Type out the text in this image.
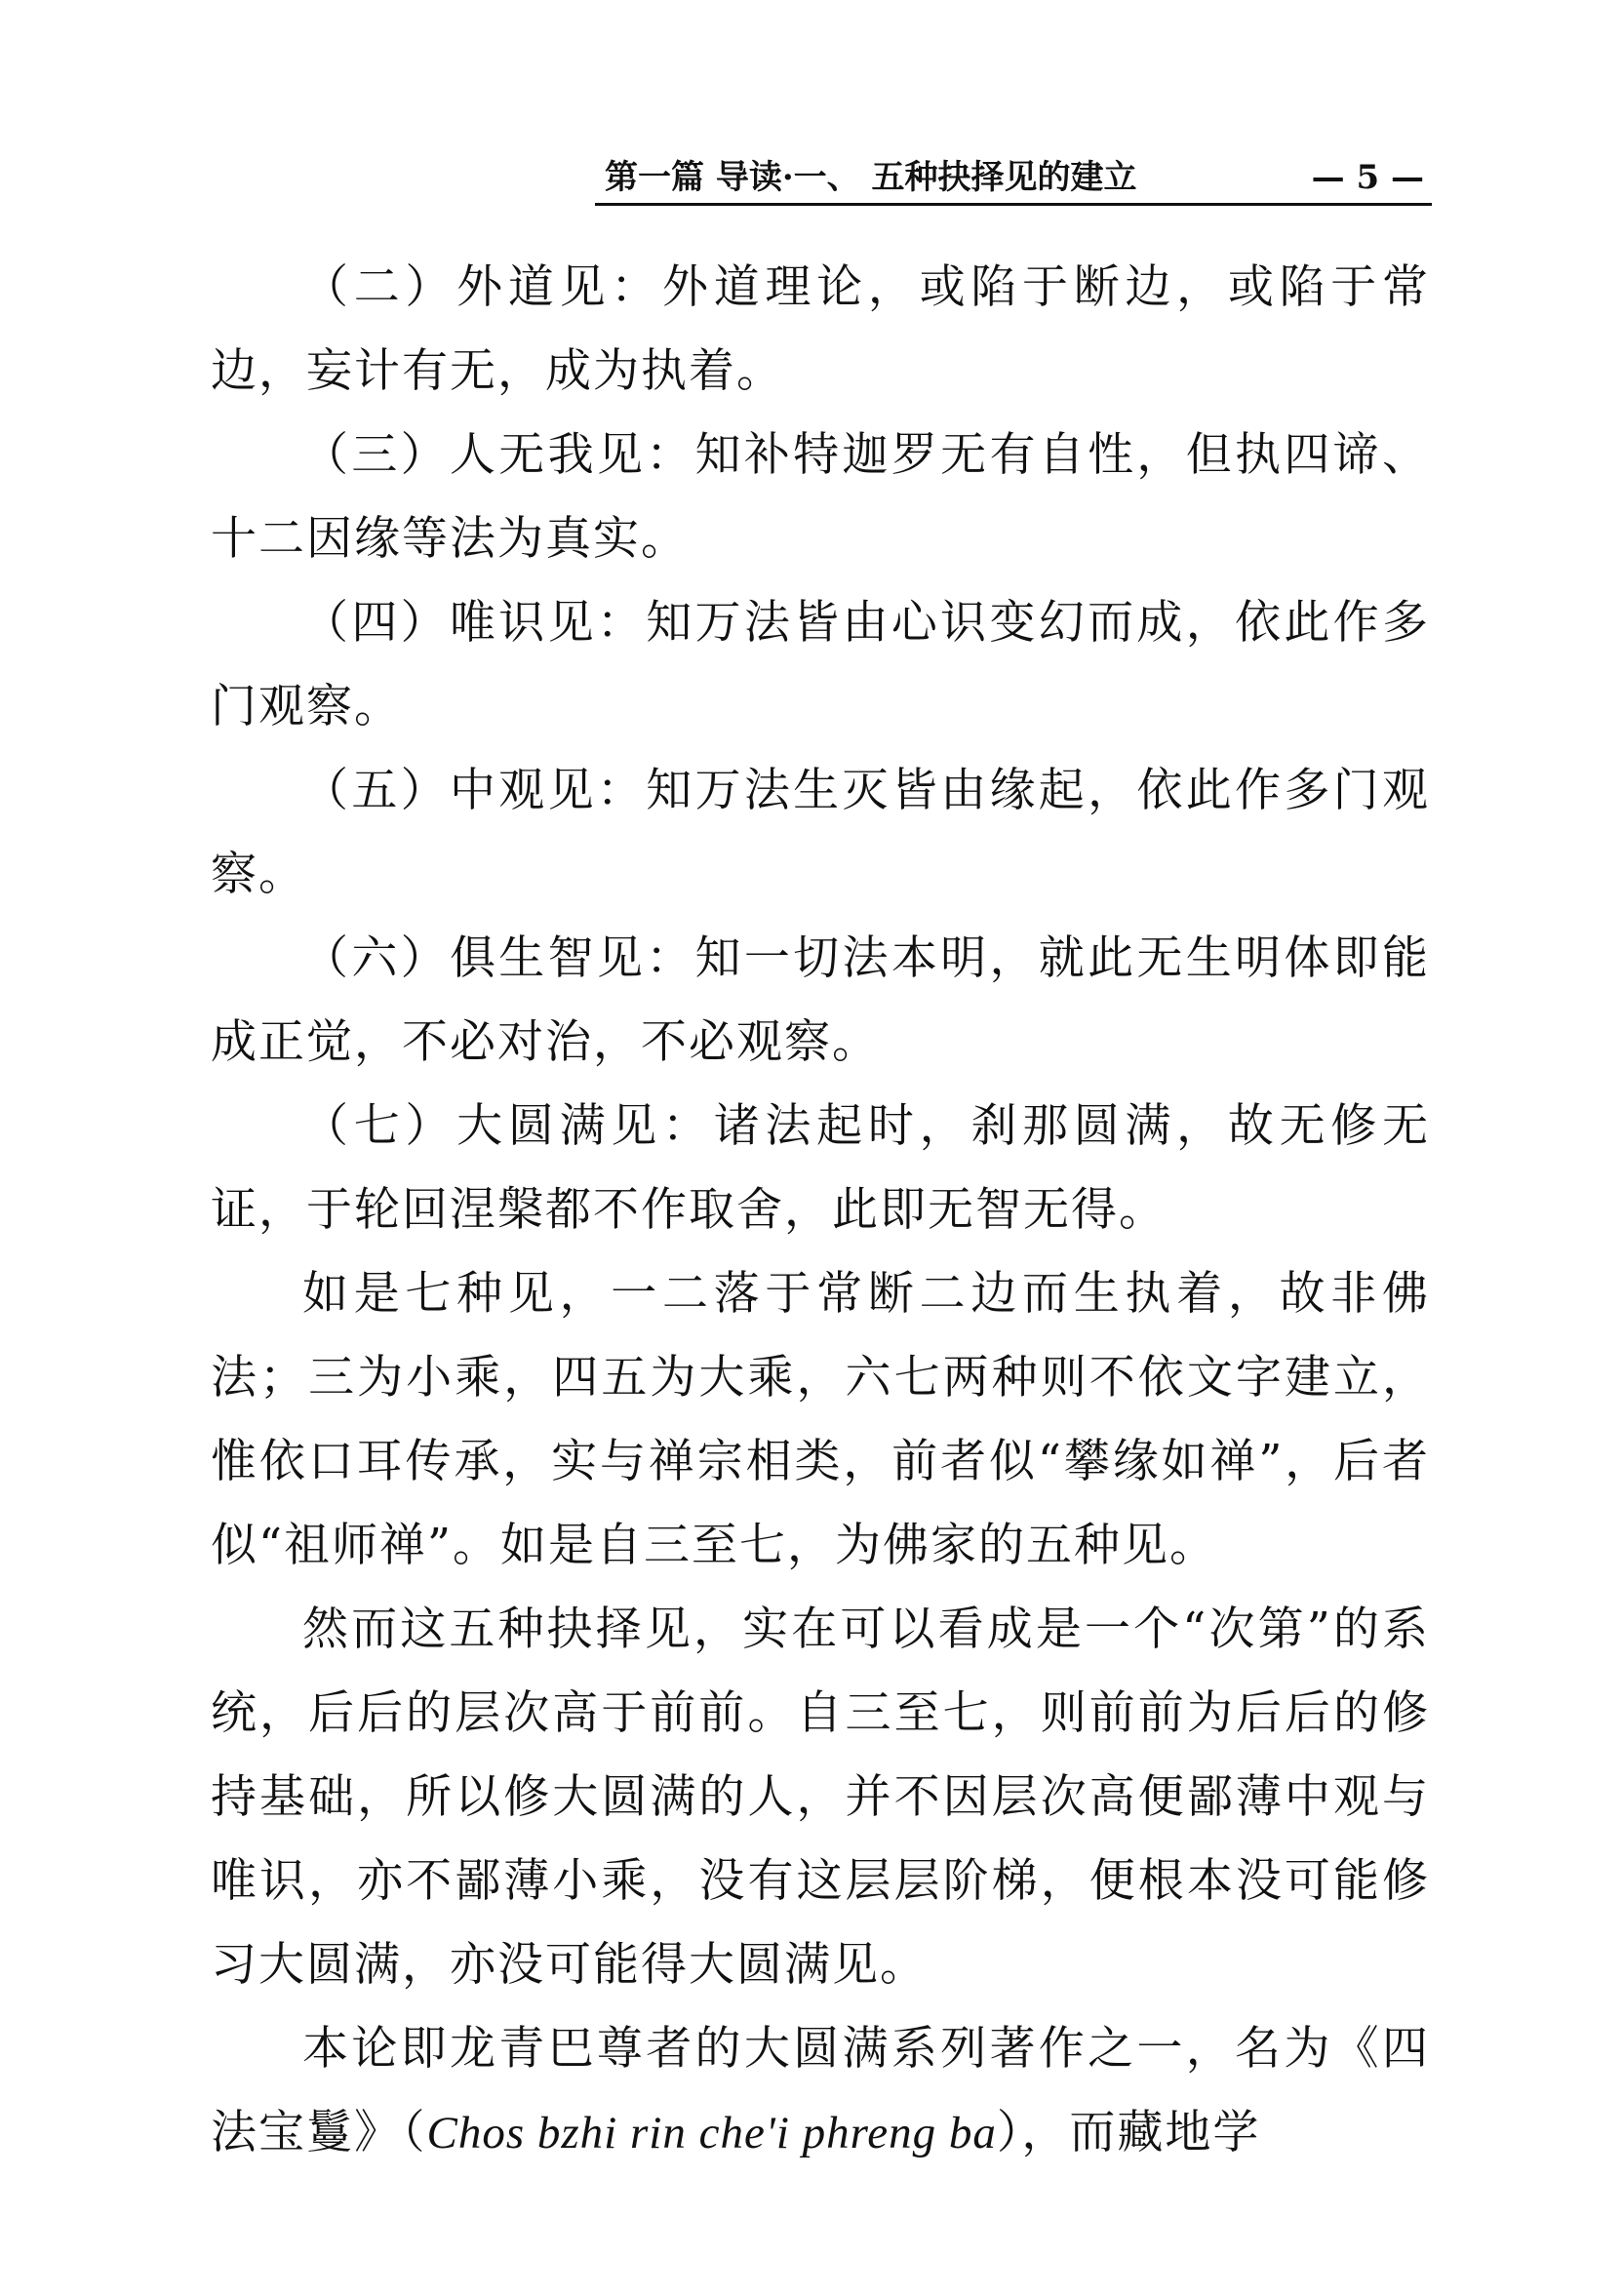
第一篇 导读·一、 五种抉择见的建立	— 5 —

（二）外道见：外道理论，或陷于断边，或陷于常边，妄计有无，成为执着。

（三）人无我见：知补特迦罗无有自性，但执四谛、十二因缘等法为真实。

（四）唯识见：知万法皆由心识变幻而成，依此作多门观察。

（五）中观见：知万法生灭皆由缘起，依此作多门观察。

（六）俱生智见：知一切法本明，就此无生明体即能成正觉，不必对治，不必观察。

（七）大圆满见：诸法起时，刹那圆满，故无修无证，于轮回涅槃都不作取舍，此即无智无得。

如是七种见，一二落于常断二边而生执着，故非佛法；三为小乘，四五为大乘，六七两种则不依文字建立，惟依口耳传承，实与禅宗相类，前者似“攀缘如禅”，后者似“祖师禅”。如是自三至七，为佛家的五种见。

然而这五种抉择见，实在可以看成是一个“次第”的系统，后后的层次高于前前。自三至七，则前前为后后的修持基础，所以修大圆满的人，并不因层次高便鄙薄中观与唯识，亦不鄙薄小乘，没有这层层阶梯，便根本没可能修习大圆满，亦没可能得大圆满见。

本论即龙青巴尊者的大圆满系列著作之一，名为《四法宝鬘》（Chos bzhi rin che'i phreng ba），而藏地学
